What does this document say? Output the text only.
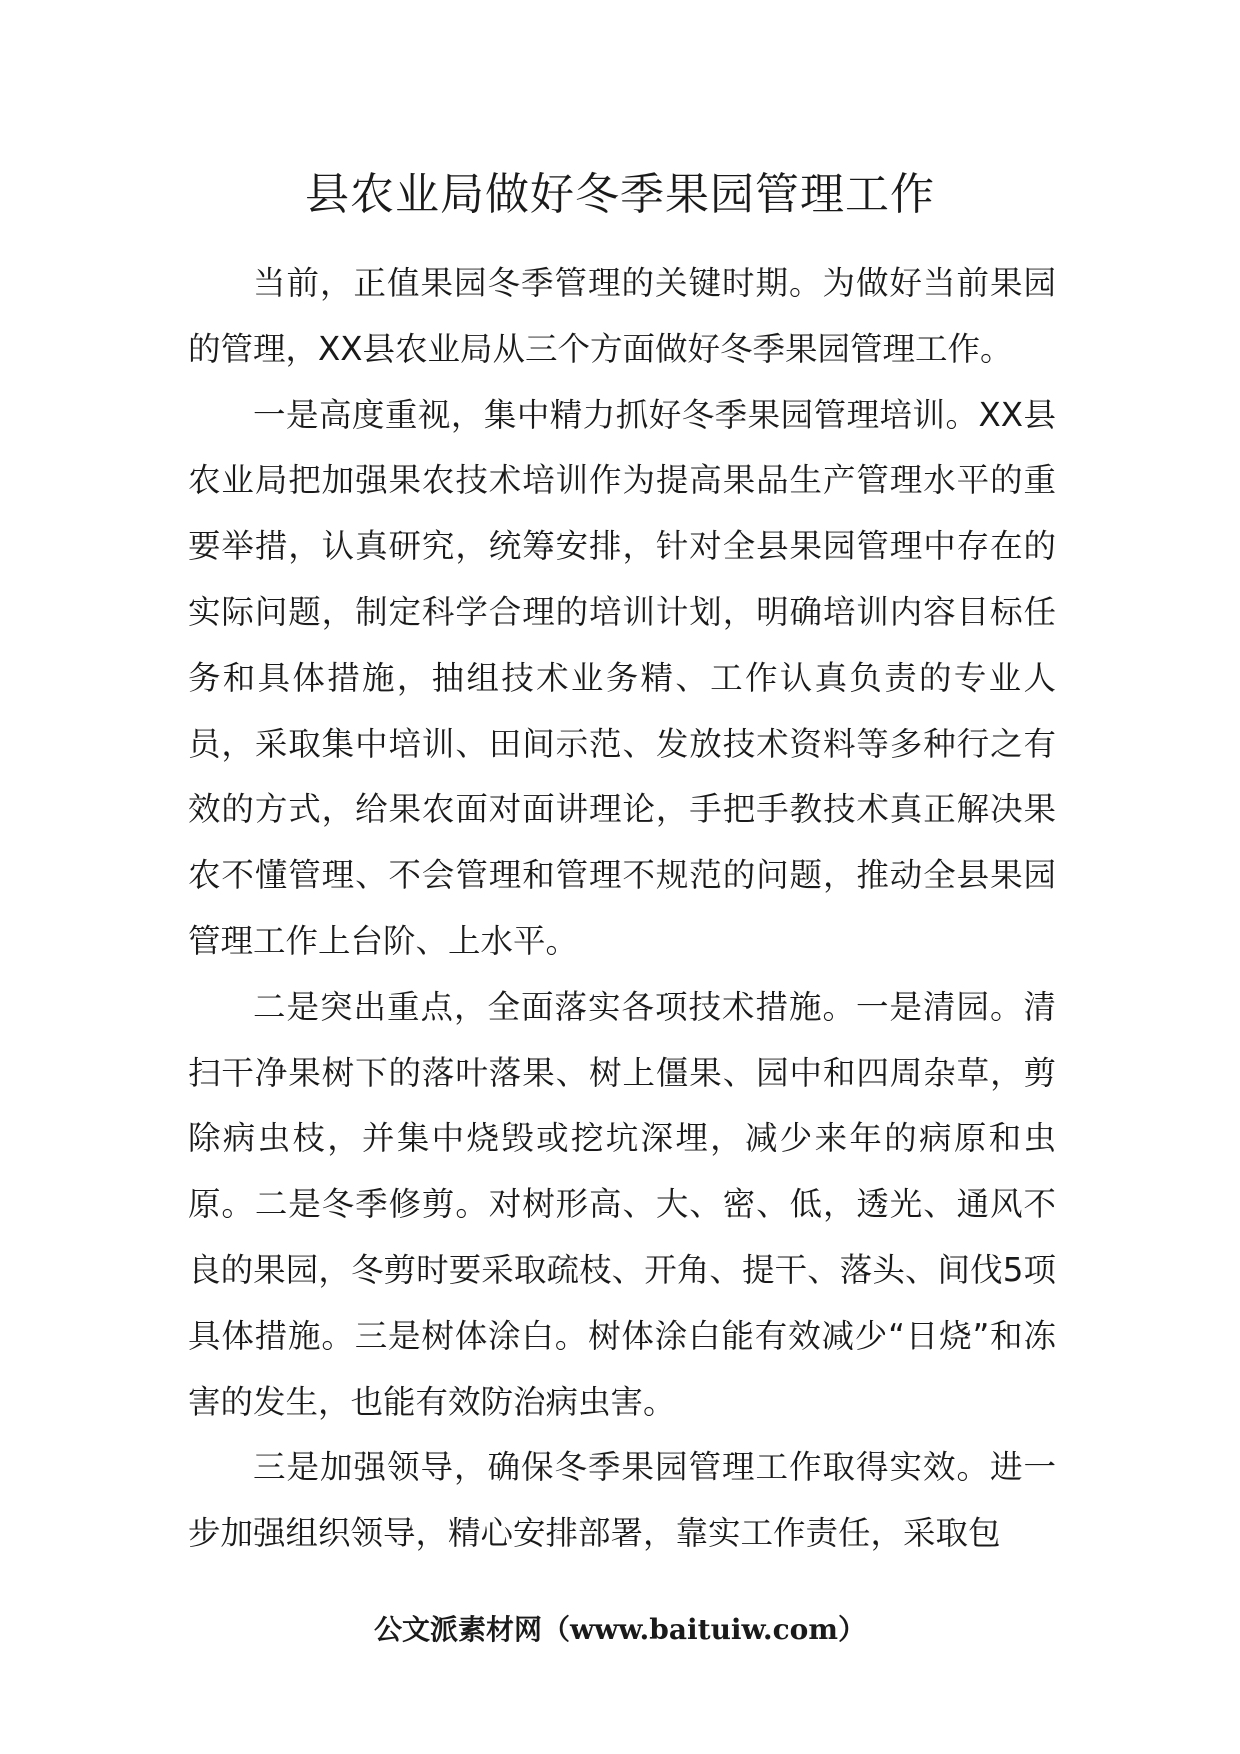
县农业局做好冬季果园管理工作

当前，正值果园冬季管理的关键时期。为做好当前果园的管理，XX县农业局从三个方面做好冬季果园管理工作。

一是高度重视，集中精力抓好冬季果园管理培训。XX县农业局把加强果农技术培训作为提高果品生产管理水平的重要举措，认真研究，统筹安排，针对全县果园管理中存在的实际问题，制定科学合理的培训计划，明确培训内容目标任务和具体措施，抽组技术业务精、工作认真负责的专业人员，采取集中培训、田间示范、发放技术资料等多种行之有效的方式，给果农面对面讲理论，手把手教技术真正解决果农不懂管理、不会管理和管理不规范的问题，推动全县果园管理工作上台阶、上水平。

二是突出重点，全面落实各项技术措施。一是清园。清扫干净果树下的落叶落果、树上僵果、园中和四周杂草，剪除病虫枝，并集中烧毁或挖坑深埋，减少来年的病原和虫原。二是冬季修剪。对树形高、大、密、低，透光、通风不良的果园，冬剪时要采取疏枝、开角、提干、落头、间伐5项具体措施。三是树体涂白。树体涂白能有效减少“日烧”和冻害的发生，也能有效防治病虫害。

三是加强领导，确保冬季果园管理工作取得实效。进一步加强组织领导，精心安排部署，靠实工作责任，采取包

公文派素材网（www.baituiw.com）
